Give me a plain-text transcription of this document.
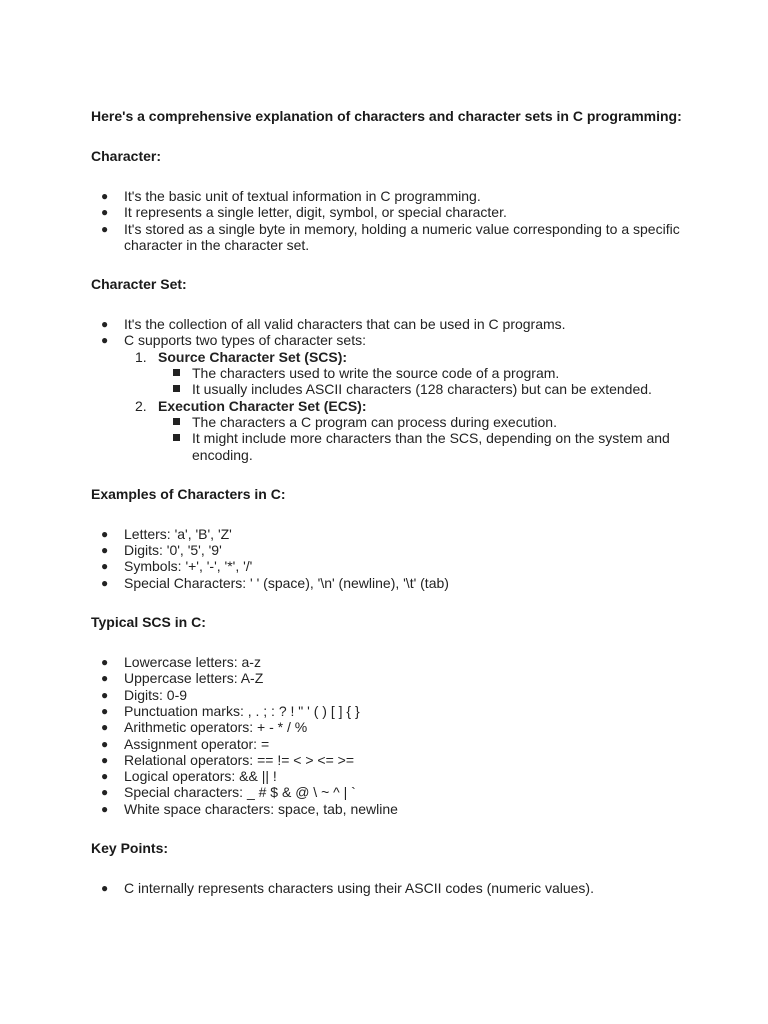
Here's a comprehensive explanation of characters and character sets in C programming:

Character:

● It's the basic unit of textual information in C programming.
● It represents a single letter, digit, symbol, or special character.
● It's stored as a single byte in memory, holding a numeric value corresponding to a specific character in the character set.

Character Set:

● It's the collection of all valid characters that can be used in C programs.
● C supports two types of character sets:
1. Source Character Set (SCS):
The characters used to write the source code of a program.
It usually includes ASCII characters (128 characters) but can be extended.
2. Execution Character Set (ECS):
The characters a C program can process during execution.
It might include more characters than the SCS, depending on the system and encoding.

Examples of Characters in C:

● Letters: 'a', 'B', 'Z'
● Digits: '0', '5', '9'
● Symbols: '+', '-', '*', '/'
● Special Characters: ' ' (space), '\n' (newline), '\t' (tab)

Typical SCS in C:

● Lowercase letters: a-z
● Uppercase letters: A-Z
● Digits: 0-9
● Punctuation marks: , . ; : ? ! " ' ( ) [ ] { }
● Arithmetic operators: + - * / %
● Assignment operator: =
● Relational operators: == != < > <= >=
● Logical operators: && || !
● Special characters: _ # $ & @ \ ~ ^ | `
● White space characters: space, tab, newline

Key Points:

● C internally represents characters using their ASCII codes (numeric values).
